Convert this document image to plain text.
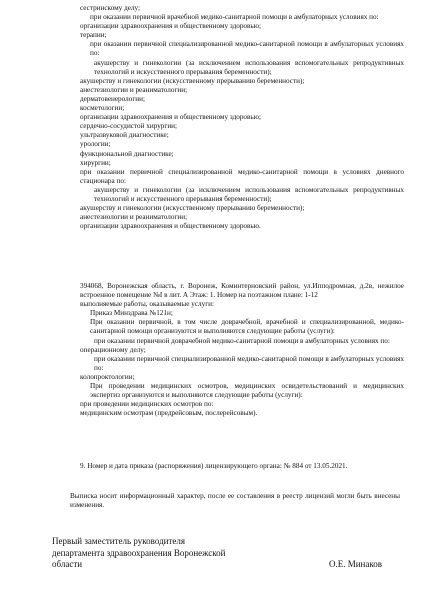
сестринскому делу;

при оказании первичной врачебной медико-санитарной помощи в амбулаторных условиях по:

организации здравоохранения и общественному здоровью;

терапии;

при оказании первичной специализированной медико-санитарной помощи в амбулаторных условиях по:

акушерству и гинекологии (за исключением использования вспомогательных репродуктивных технологий и искусственного прерывания беременности);

акушерству и гинекологии (искусственному прерыванию беременности);

анестезиологии и реаниматологии;

дерматовенерологии;

косметологии;

организации здравоохранения и общественному здоровью;

сердечно-сосудистой хирургии;

ультразвуковой диагностике;

урологии;

функциональной диагностике;

хирургии;

при оказании первичной специализированной медико-санитарной помощи в условиях дневного стационара по:

акушерству и гинекологии (за исключением использования вспомогательных репродуктивных технологий и искусственного прерывания беременности);

акушерству и гинекологии (искусственному прерыванию беременности);

анестезиологии и реаниматологии;

организации здравоохранения и общественному здоровью.

394068, Воронежская область, г. Воронеж, Коминтерновский район, ул.Ипподромная, д.2в, нежилое встроенное помещение №I в лит. А Этаж: 1. Номер на поэтажном плане: 1-12

выполняемые работы, оказываемые услуги:

Приказ Минздрава №121н;

При оказании первичной, в том числе доврачебной, врачебной и специализированной, медико-санитарной помощи организуются и выполняются следующие работы (услуги):

при оказании первичной доврачебной медико-санитарной помощи в амбулаторных условиях по:

операционному делу;

при оказании первичной специализированной медико-санитарной помощи в амбулаторных условиях по:

колопроктологии;

При проведении медицинских осмотров, медицинских освидетельствований и медицинских экспертиз организуются и выполняются следующие работы (услуги):

при проведении медицинских осмотров по:

медицинским осмотрам (предрейсовым, послерейсовым).

9. Номер и дата приказа (распоряжения) лицензирующего органа: № 884 от 13.05.2021.

Выписка носит информационный характер, после ее составления в реестр лицензий могли быть внесены изменения.

Первый заместитель руководителя
департамента здравоохранения Воронежской
области	О.Е. Минаков
